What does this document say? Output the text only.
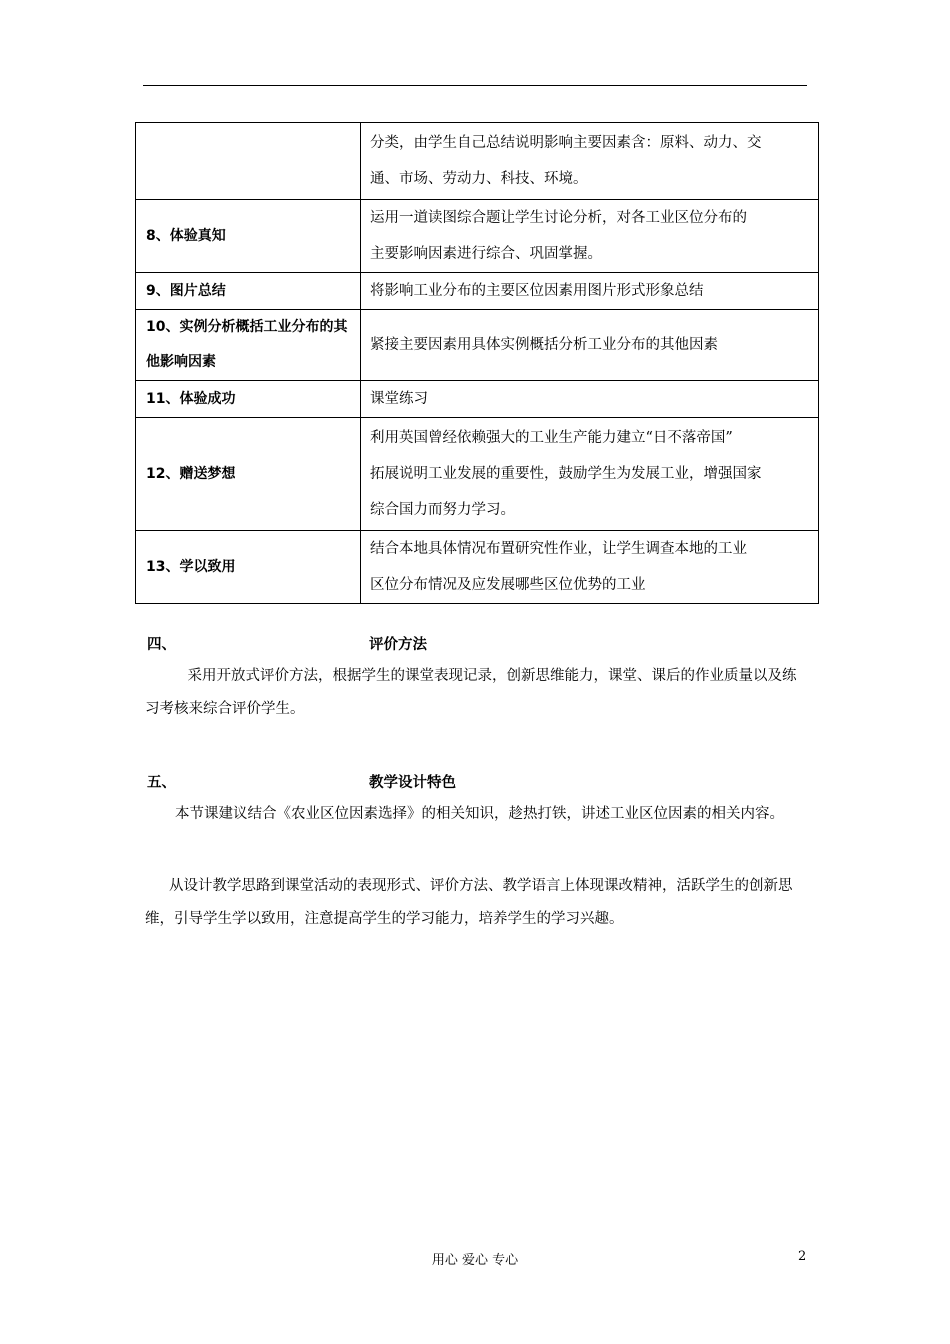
	分类，由学生自己总结说明影响主要因素含：原料、动力、交
通、市场、劳动力、科技、环境。

8、体验真知	运用一道读图综合题让学生讨论分析，对各工业区位分布的
主要影响因素进行综合、巩固掌握。

9、图片总结	将影响工业分布的主要区位因素用图片形式形象总结

10、实例分析概括工业分布的其他影响因素	紧接主要因素用具体实例概括分析工业分布的其他因素

11、体验成功	课堂练习

12、赠送梦想	利用英国曾经依赖强大的工业生产能力建立“日不落帝国”
拓展说明工业发展的重要性，鼓励学生为发展工业，增强国家
综合国力而努力学习。

13、学以致用	结合本地具体情况布置研究性作业，让学生调查本地的工业
区位分布情况及应发展哪些区位优势的工业
四、	评价方法

　采用开放式评价方法，根据学生的课堂表现记录，创新思维能力，课堂、课后的作业质量以及练习考核来综合评价学生。

五、	教学设计特色

本节课建议结合《农业区位因素选择》的相关知识，趁热打铁，讲述工业区位因素的相关内容。

从设计教学思路到课堂活动的表现形式、评价方法、教学语言上体现课改精神，活跃学生的创新思维，引导学生学以致用，注意提高学生的学习能力，培养学生的学习兴趣。

用心 爱心 专心	2
